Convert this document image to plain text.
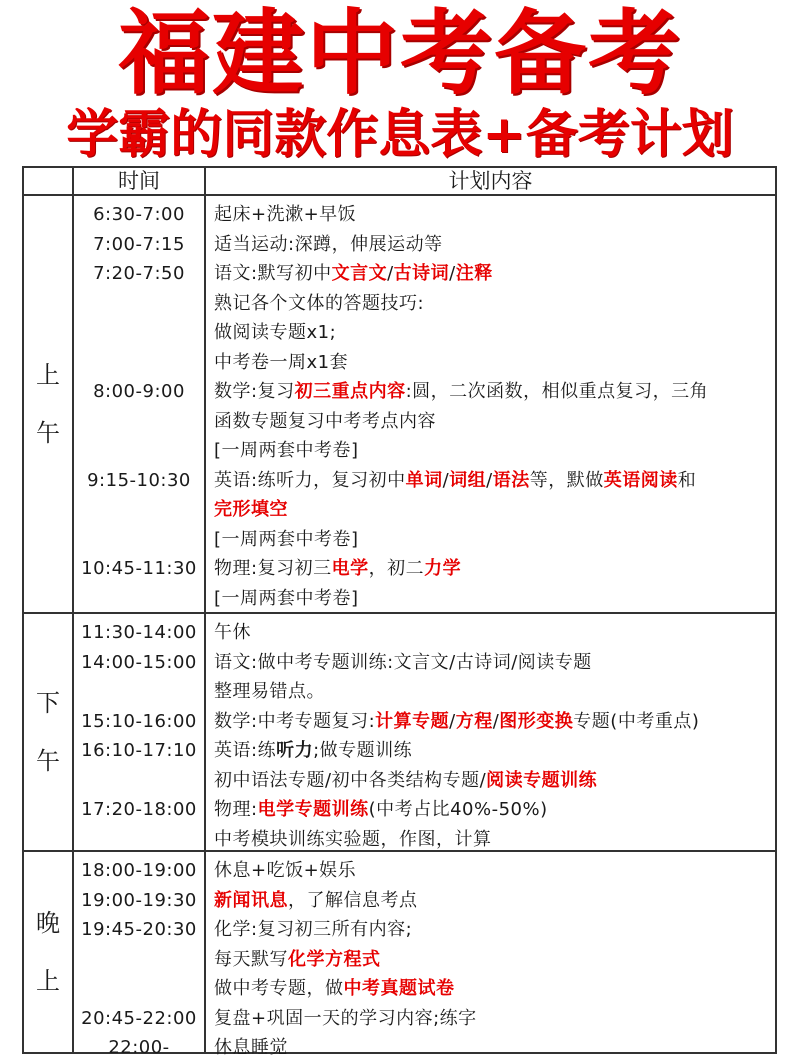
福建中考备考
学霸的同款作息表+备考计划
时间	计划内容
上
午
6:30-7:00	起床+洗漱+早饭
7:00-7:15	适当运动:深蹲，伸展运动等
7:20-7:50	语文:默写初中文言文/古诗词/注释
熟记各个文体的答题技巧:
做阅读专题x1;
中考卷一周x1套
8:00-9:00	数学:复习初三重点内容:圆，二次函数，相似重点复习，三角
函数专题复习中考考点内容
[一周两套中考卷]
9:15-10:30	英语:练听力，复习初中单词/词组/语法等，默做英语阅读和
完形填空
[一周两套中考卷]
10:45-11:30 物理:复习初三电学，初二力学
[一周两套中考卷]
下
午
11:30-14:00 午休
14:00-15:00 语文:做中考专题训练:文言文/古诗词/阅读专题
整理易错点。
15:10-16:00 数学:中考专题复习:计算专题/方程/图形变换专题(中考重点)
16:10-17:10 英语:练听力;做专题训练
初中语法专题/初中各类结构专题/阅读专题训练
17:20-18:00 物理:电学专题训练(中考占比40%-50%)
中考模块训练实验题，作图，计算
晚
上
18:00-19:00 休息+吃饭+娱乐
19:00-19:30 新闻讯息，了解信息考点
19:45-20:30 化学:复习初三所有内容;
每天默写化学方程式
做中考专题，做中考真题试卷
20:45-22:00 复盘+巩固一天的学习内容;练字
22:00-	休息睡觉
